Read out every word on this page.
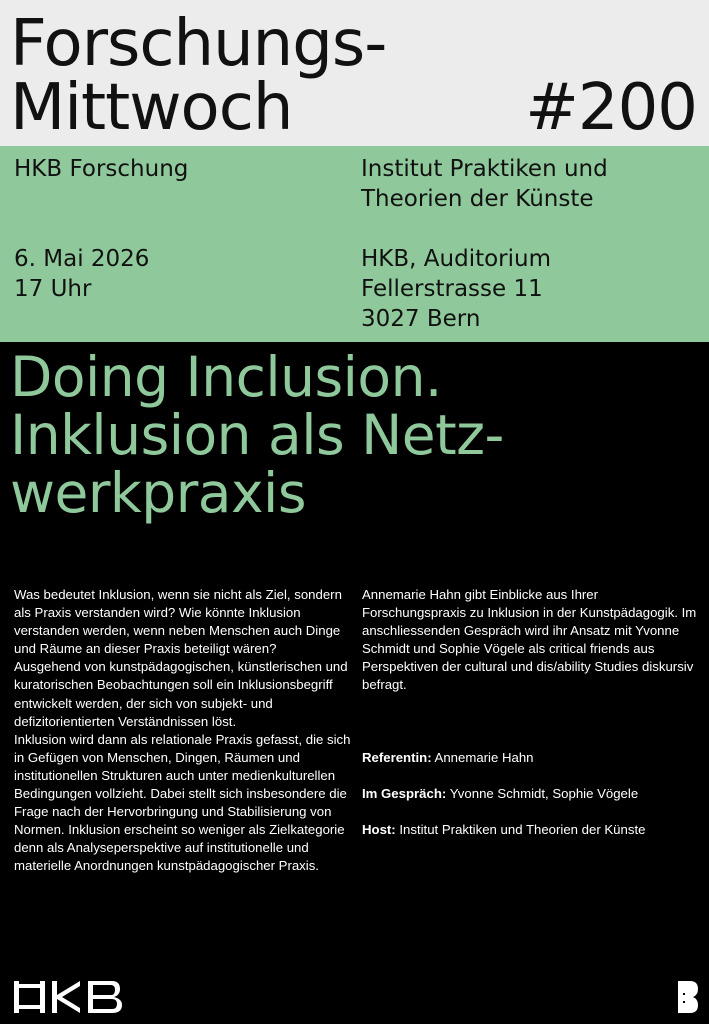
Forschungs-
Mittwoch	#200
HKB Forschung	Institut Praktiken und
Theorien der Künste
6. Mai 2026
17 Uhr
HKB, Auditorium
Fellerstrasse 11
3027 Bern
Doing Inclusion.
Inklusion als Netz-
werkpraxis

Was bedeutet Inklusion, wenn sie nicht als Ziel, sondern als Praxis verstanden wird? Wie könnte Inklusion verstanden werden, wenn neben Menschen auch Dinge und Räume an dieser Praxis beteiligt wären?

Ausgehend von kunstpädagogischen, künstlerischen und kuratorischen Beobachtungen soll ein Inklusionsbegriff entwickelt werden, der sich von subjekt- und defizitorientierten Verständnissen löst.

Inklusion wird dann als relationale Praxis gefasst, die sich in Gefügen von Menschen, Dingen, Räumen und institutionellen Strukturen auch unter medienkulturellen Bedingungen vollzieht. Dabei stellt sich insbesondere die Frage nach der Hervorbringung und Stabilisierung von Normen. Inklusion erscheint so weniger als Zielkategorie denn als Analyseperspektive auf institutionelle und materielle Anordnungen kunstpädagogischer Praxis.

Annemarie Hahn gibt Einblicke aus Ihrer Forschungspraxis zu Inklusion in der Kunstpädagogik. Im anschliessenden Gespräch wird ihr Ansatz mit Yvonne Schmidt und Sophie Vögele als critical friends aus Perspektiven der cultural und dis/ability Studies diskursiv befragt.

Referentin: Annemarie Hahn
Im Gespräch: Yvonne Schmidt, Sophie Vögele
Host: Institut Praktiken und Theorien der Künste
